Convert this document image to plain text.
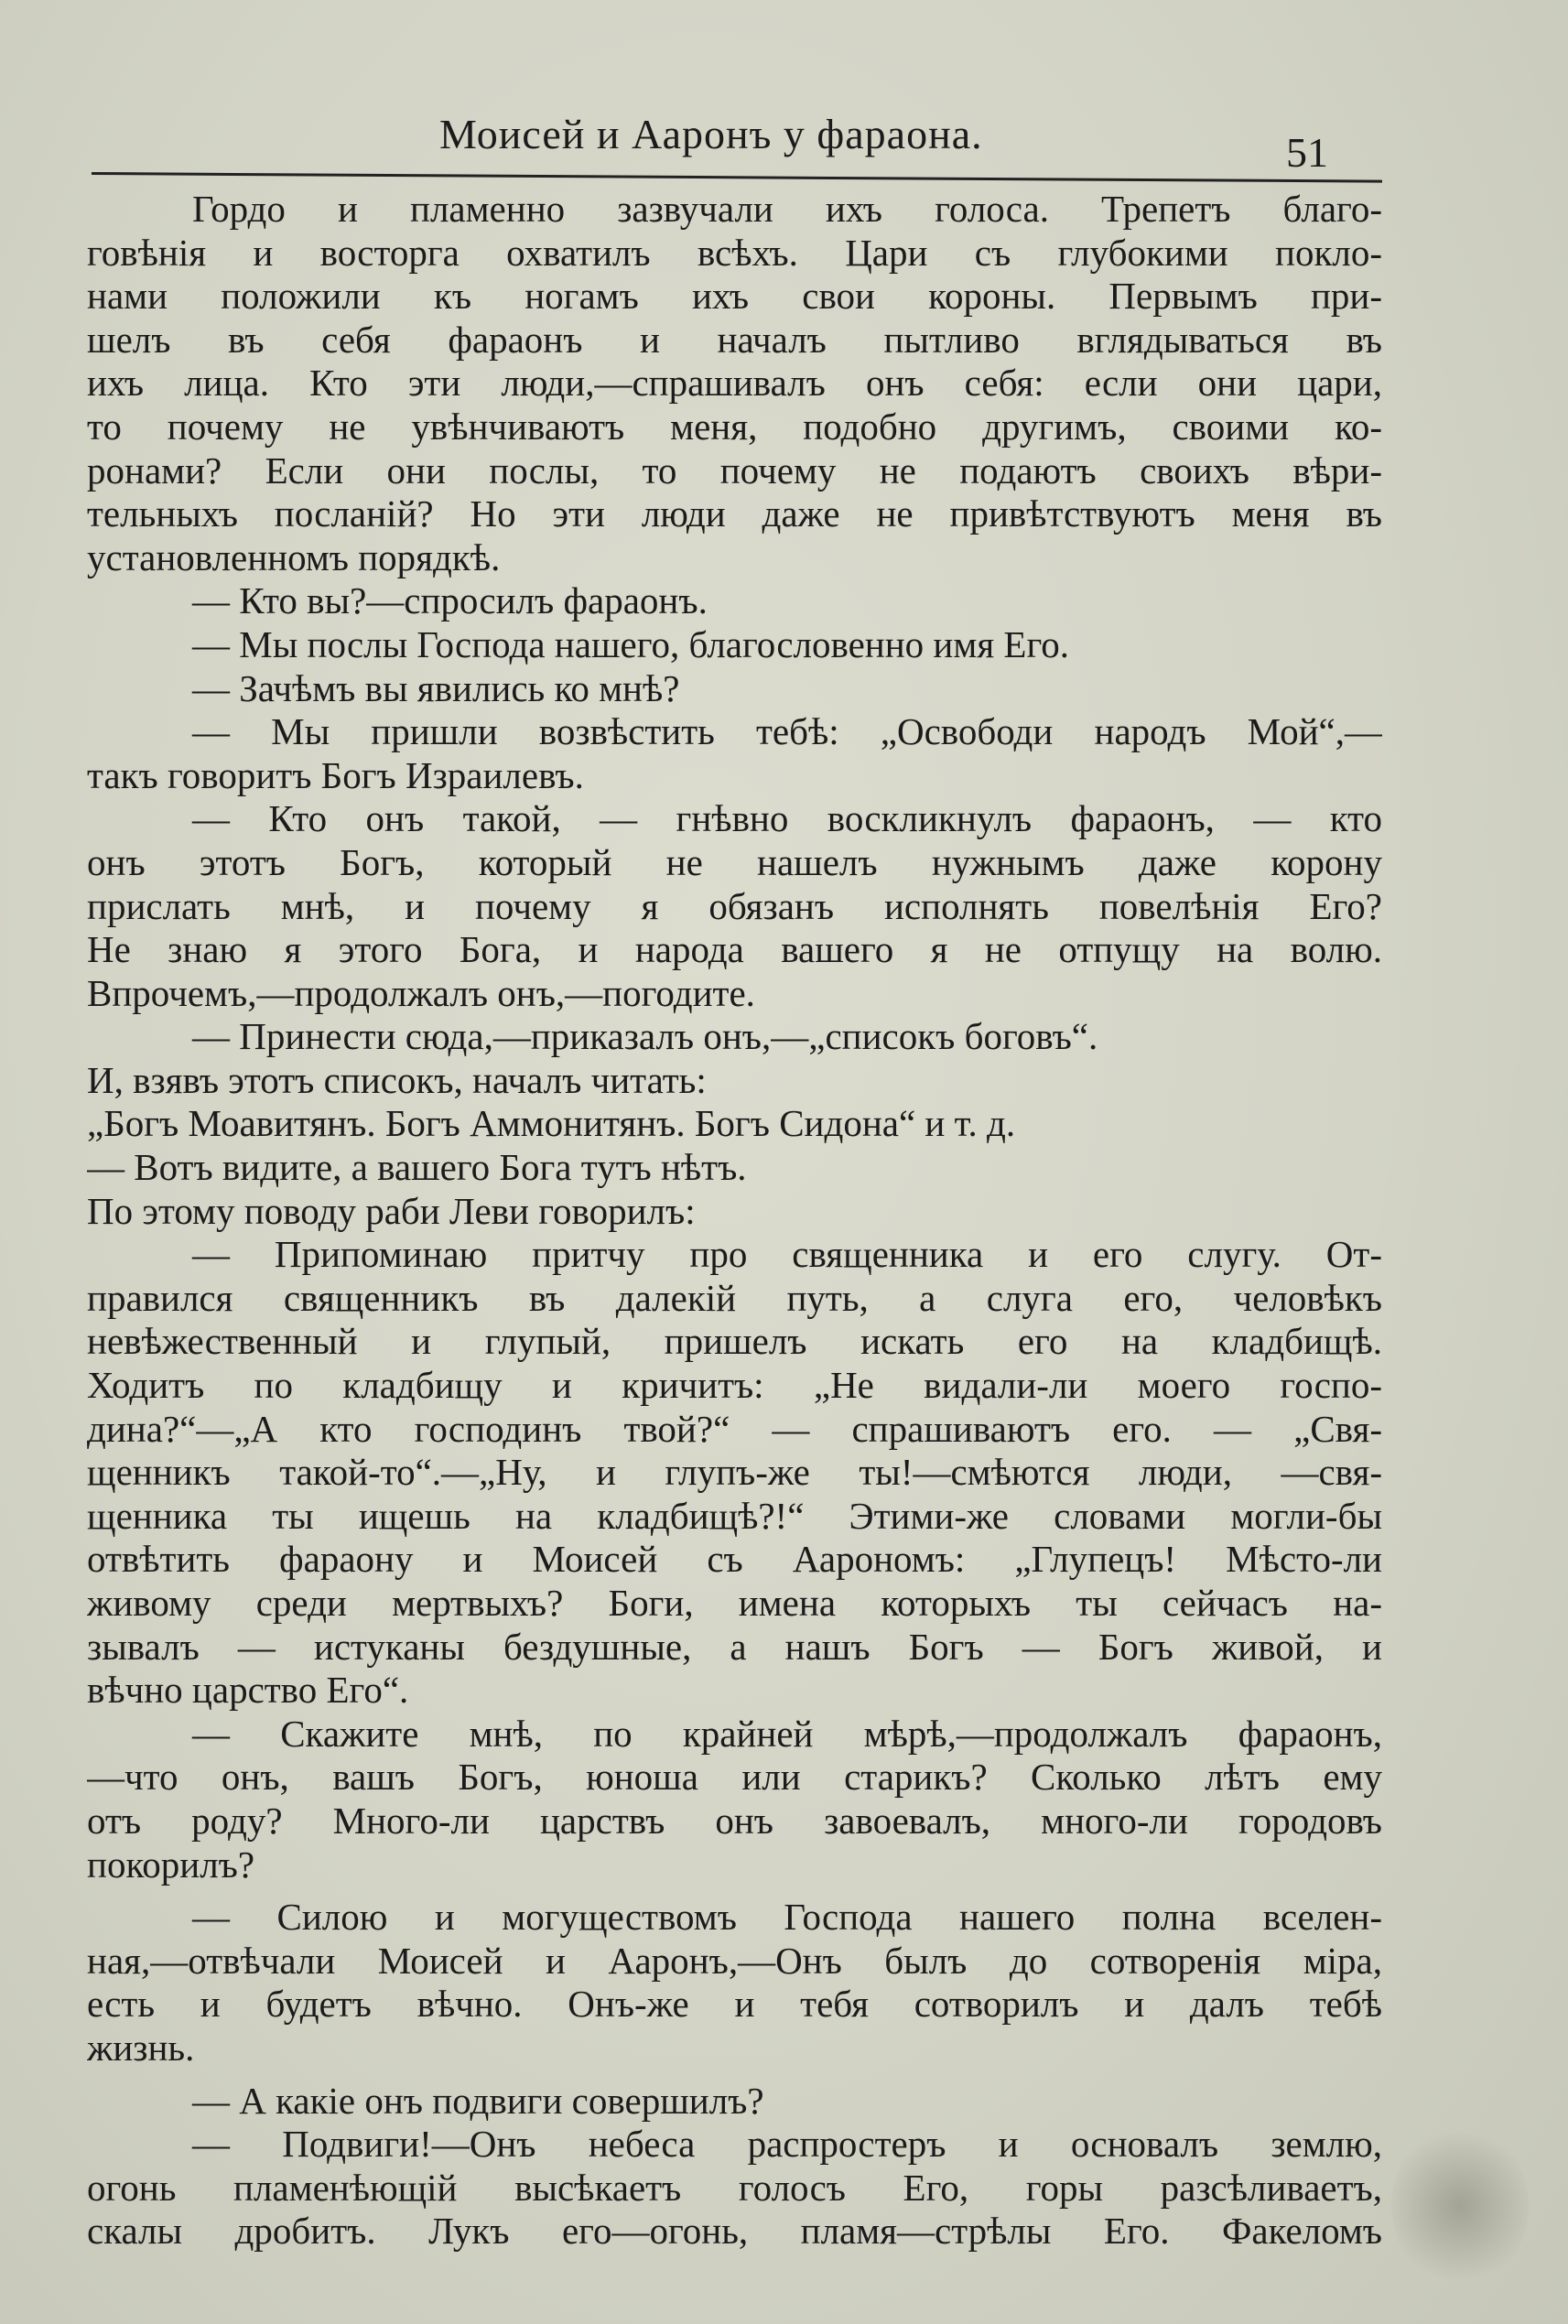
Моисей и Ааронъ у фараона.	51
Гордо и пламенно зазвучали ихъ голоса. Трепетъ благо-
говѣнія и восторга охватилъ всѣхъ. Цари съ глубокими покло-
нами положили къ ногамъ ихъ свои короны. Первымъ при-
шелъ въ себя фараонъ и началъ пытливо вглядываться въ
ихъ лица. Кто эти люди,—спрашивалъ онъ себя: если они цари,
то почему не увѣнчиваютъ меня, подобно другимъ, своими ко-
ронами? Если они послы, то почему не подаютъ своихъ вѣри-
тельныхъ посланій? Но эти люди даже не привѣтствуютъ меня въ
установленномъ порядкѣ.
— Кто вы?—спросилъ фараонъ.
— Мы послы Господа нашего, благословенно имя Его.
— Зачѣмъ вы явились ко мнѣ?
— Мы пришли возвѣстить тебѣ: „Освободи народъ Мой“,—
такъ говоритъ Богъ Израилевъ.
— Кто онъ такой, — гнѣвно воскликнулъ фараонъ, — кто
онъ этотъ Богъ, который не нашелъ нужнымъ даже корону
прислать мнѣ, и почему я обязанъ исполнять повелѣнія Его?
Не знаю я этого Бога, и народа вашего я не отпущу на волю.
Впрочемъ,—продолжалъ онъ,—погодите.
— Принести сюда,—приказалъ онъ,—„списокъ боговъ“.
И, взявъ этотъ списокъ, началъ читать:
„Богъ Моавитянъ. Богъ Аммонитянъ. Богъ Сидона“ и т. д.
— Вотъ видите, а вашего Бога тутъ нѣтъ.
По этому поводу раби Леви говорилъ:
— Припоминаю притчу про священника и его слугу. От-
правился священникъ въ далекій путь, а слуга его, человѣкъ
невѣжественный и глупый, пришелъ искать его на кладбищѣ.
Ходитъ по кладбищу и кричитъ: „Не видали-ли моего госпо-
дина?“—„А кто господинъ твой?“ — спрашиваютъ его. — „Свя-
щенникъ такой-то“.—„Ну, и глупъ-же ты!—смѣются люди, —свя-
щенника ты ищешь на кладбищѣ?!“ Этими-же словами могли-бы
отвѣтить фараону и Моисей съ Аарономъ: „Глупецъ! Мѣсто-ли
живому среди мертвыхъ? Боги, имена которыхъ ты сейчасъ на-
зывалъ — истуканы бездушные, а нашъ Богъ — Богъ живой, и
вѣчно царство Его“.
— Скажите мнѣ, по крайней мѣрѣ,—продолжалъ фараонъ,
—что онъ, вашъ Богъ, юноша или старикъ? Сколько лѣтъ ему
отъ роду? Много-ли царствъ онъ завоевалъ, много-ли городовъ
покорилъ?
— Силою и могуществомъ Господа нашего полна вселен-
ная,—отвѣчали Моисей и Ааронъ,—Онъ былъ до сотворенія міра,
есть и будетъ вѣчно. Онъ-же и тебя сотворилъ и далъ тебѣ
жизнь.
— А какіе онъ подвиги совершилъ?
— Подвиги!—Онъ небеса распростеръ и основалъ землю,
огонь пламенѣющій высѣкаетъ голосъ Его, горы разсѣливаетъ,
скалы дробитъ. Лукъ его—огонь, пламя—стрѣлы Его. Факеломъ
